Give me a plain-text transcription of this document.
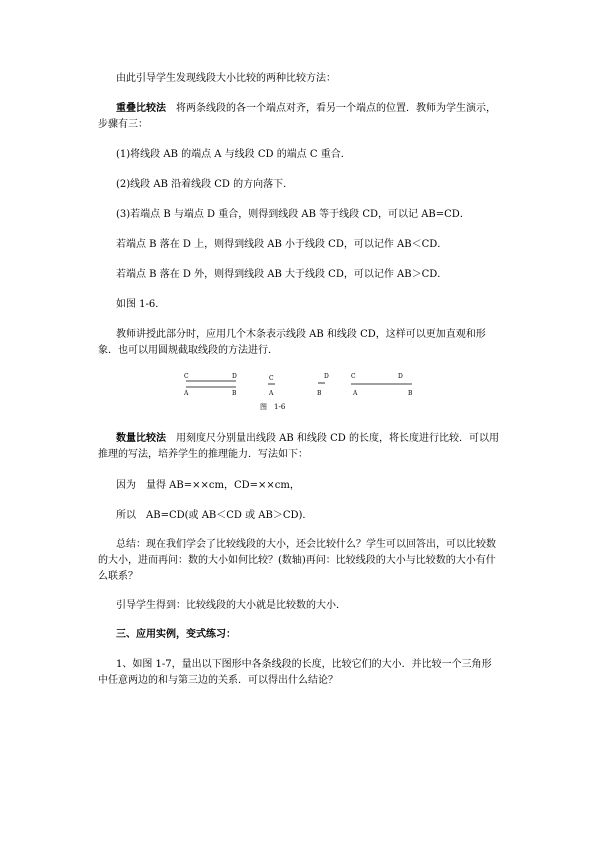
由此引导学生发现线段大小比较的两种比较方法：
重叠比较法　将两条线段的各一个端点对齐，看另一个端点的位置．教师为学生演示，步骤有三：
(1)将线段 AB 的端点 A 与线段 CD 的端点 C 重合．
(2)线段 AB 沿着线段 CD 的方向落下．
(3)若端点 B 与端点 D 重合，则得到线段 AB 等于线段 CD，可以记 AB=CD．
若端点 B 落在 D 上，则得到线段 AB 小于线段 CD，可以记作 AB＜CD．
若端点 B 落在 D 外，则得到线段 AB 大于线段 CD，可以记作 AB＞CD．
如图 1-6．
教师讲授此部分时，应用几个木条表示线段 AB 和线段 CD，这样可以更加直观和形象．也可以用圆规截取线段的方法进行．
C	D
A	B
C
A
D
B
C	D
A	B
图　1-6
数量比较法　用刻度尺分别量出线段 AB 和线段 CD 的长度，将长度进行比较．可以用推理的写法，培养学生的推理能力．写法如下：
因为　量得 AB=××cm，CD=××cm，
所以　AB=CD(或 AB＜CD 或 AB＞CD)．
总结：现在我们学会了比较线段的大小，还会比较什么？学生可以回答出，可以比较数的大小，进而再问：数的大小如何比较？(数轴)再问：比较线段的大小与比较数的大小有什么联系？
引导学生得到：比较线段的大小就是比较数的大小．
三、应用实例，变式练习：
1、如图 1-7，量出以下图形中各条线段的长度，比较它们的大小．并比较一个三角形中任意两边的和与第三边的关系．可以得出什么结论？
